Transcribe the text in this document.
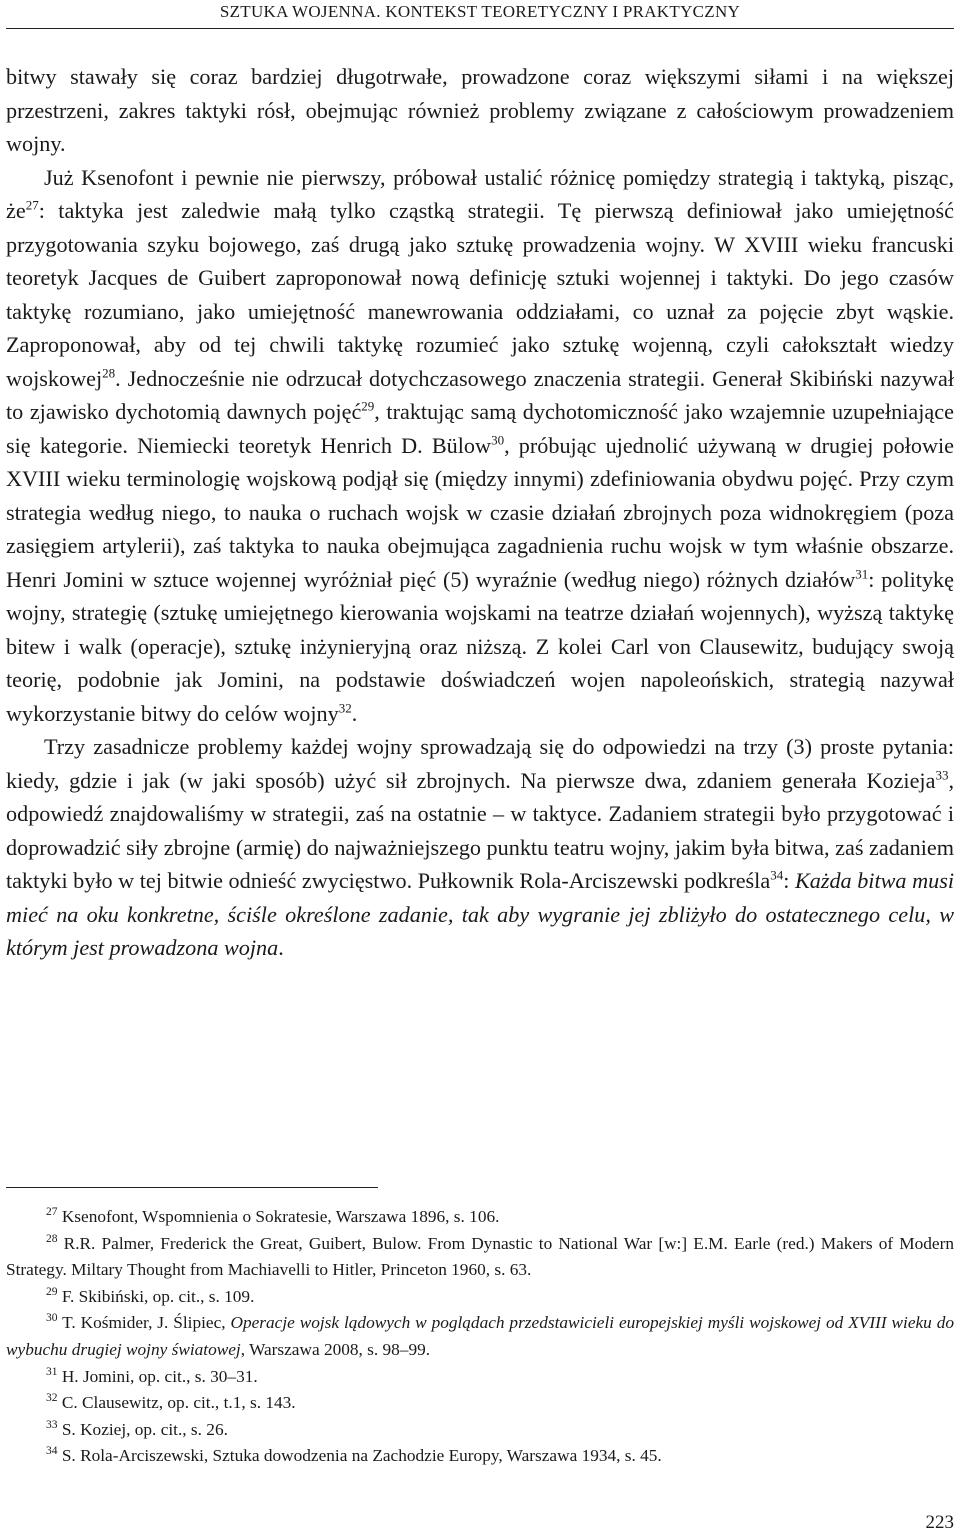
SZTUKA WOJENNA. KONTEKST TEORETYCZNY I PRAKTYCZNY

bitwy stawały się coraz bardziej długotrwałe, prowadzone coraz większymi siłami i na większej przestrzeni, zakres taktyki rósł, obejmując również problemy związane z całościowym prowadzeniem wojny.

Już Ksenofont i pewnie nie pierwszy, próbował ustalić różnicę pomiędzy strategią i taktyką, pisząc, $że^{27}$: taktyka jest zaledwie małą tylko cząstką strategii. Tę pierwszą definiował jako umiejętność przygotowania szyku bojowego, zaś drugą jako sztukę prowadzenia wojny. W XVIII wieku francuski teoretyk Jacques de Guibert zaproponował nową definicję sztuki wojennej i taktyki. Do jego czasów taktykę rozumiano, jako umiejętność manewrowania oddziałami, co uznał za pojęcie zbyt wąskie. Zaproponował, aby od tej chwili taktykę rozumieć jako sztukę wojenną, czyli całokształt wiedzy wojskowej$^{28}$. Jednocześnie nie odrzucał dotychczasowego znaczenia strategii. Generał Skibiński nazywał to zjawisko dychotomią dawnych pojęć$^{29}$, traktując samą dychotomiczność jako wzajemnie uzupełniające się kategorie. Niemiecki teoretyk Henrich D. Bülow$^{30}$, próbując ujednolić używaną w drugiej połowie XVIII wieku terminologię wojskową podjął się (między innymi) zdefiniowania obydwu pojęć. Przy czym strategia według niego, to nauka o ruchach wojsk w czasie działań zbrojnych poza widnokręgiem (poza zasięgiem artylerii), zaś taktyka to nauka obejmująca zagadnienia ruchu wojsk w tym właśnie obszarze. Henri Jomini w sztuce wojennej wyróżniał pięć (5) wyraźnie (według niego) różnych działów$^{31}$: politykę wojny, strategię (sztukę umiejętnego kierowania wojskami na teatrze działań wojennych), wyższą taktykę bitew i walk (operacje), sztukę inżynieryjną oraz niższą. Z kolei Carl von Clausewitz, budujący swoją teorię, podobnie jak Jomini, na podstawie doświadczeń wojen napoleońskich, strategią nazywał wykorzystanie bitwy do celów wojny$^{32}$.

Trzy zasadnicze problemy każdej wojny sprowadzają się do odpowiedzi na trzy (3) proste pytania: kiedy, gdzie i jak (w jaki sposób) użyć sił zbrojnych. Na pierwsze dwa, zdaniem generała Kozieja$^{33}$, odpowiedź znajdowaliśmy w strategii, zaś na ostatnie – w taktyce. Zadaniem strategii było przygotować i doprowadzić siły zbrojne (armię) do najważniejszego punktu teatru wojny, jakim była bitwa, zaś zadaniem taktyki było w tej bitwie odnieść zwycięstwo. Pułkownik Rola-Arciszewski podkreśla$^{34}$: Każda bitwa musi mieć na oku konkretne, ściśle określone zadanie, tak aby wygranie jej zbliżyło do ostatecznego celu, w którym jest prowadzona wojna.

$^{27}$ Ksenofont, Wspomnienia o Sokratesie, Warszawa 1896, s. 106.

$^{28}$ R.R. Palmer, Frederick the Great, Guibert, Bulow. From Dynastic to National War [w:] E.M. Earle (red.) Makers of Modern Strategy. Miltary Thought from Machiavelli to Hitler, Princeton 1960, s. 63.

$^{29}$ F. Skibiński, op. cit., s. 109.

$^{30}$ T. Kośmider, J. Ślipiec, Operacje wojsk lądowych w poglądach przedstawicieli europejskiej myśli wojskowej od XVIII wieku do wybuchu drugiej wojny światowej, Warszawa 2008, s. 98–99.

$^{31}$ H. Jomini, op. cit., s. 30–31.

$^{32}$ C. Clausewitz, op. cit., t.1, s. 143.

$^{33}$ S. Koziej, op. cit., s. 26.

$^{34}$ S. Rola-Arciszewski, Sztuka dowodzenia na Zachodzie Europy, Warszawa 1934, s. 45.

223
